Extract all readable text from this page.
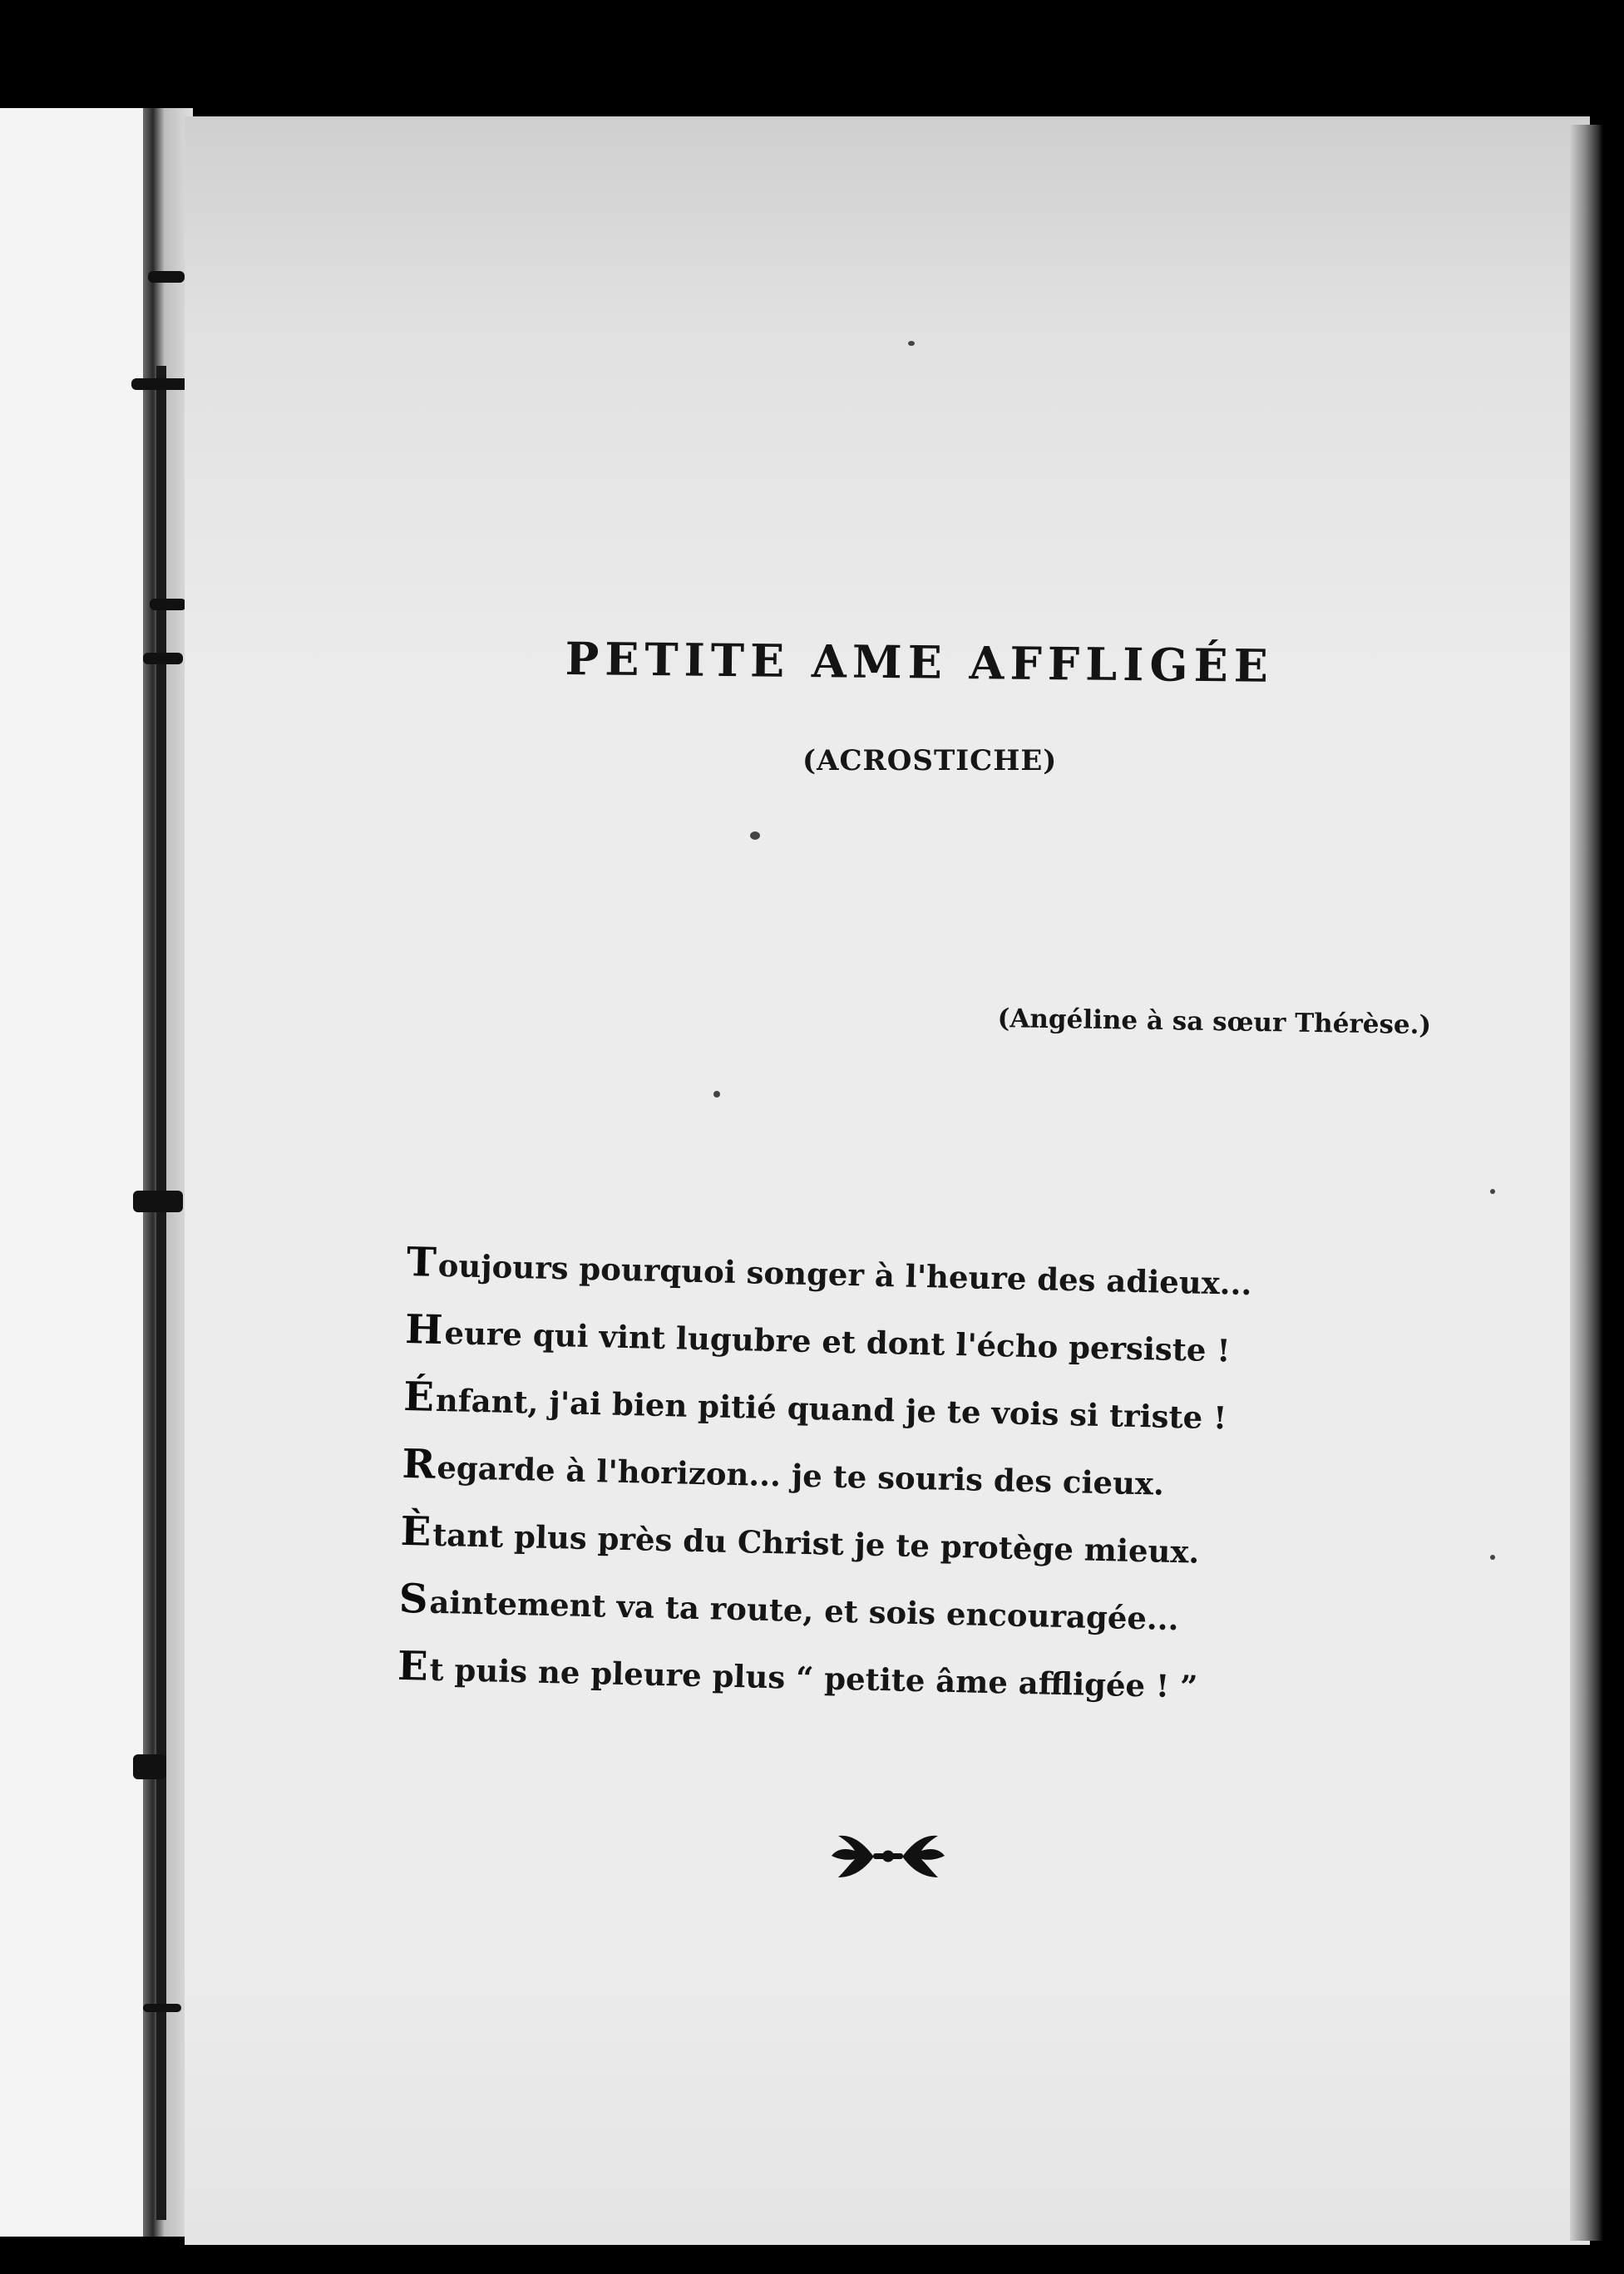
PETITE AME AFFLIGÉE
(ACROSTICHE)
(Angéline à sa sœur Thérèse.)
Toujours pourquoi songer à l'heure des adieux...
Heure qui vint lugubre et dont l'écho persiste !
Énfant, j'ai bien pitié quand je te vois si triste !
Regarde à l'horizon... je te souris des cieux.
Ètant plus près du Christ je te protège mieux.
Saintement va ta route, et sois encouragée...
Et puis ne pleure plus “ petite âme affligée ! ”
